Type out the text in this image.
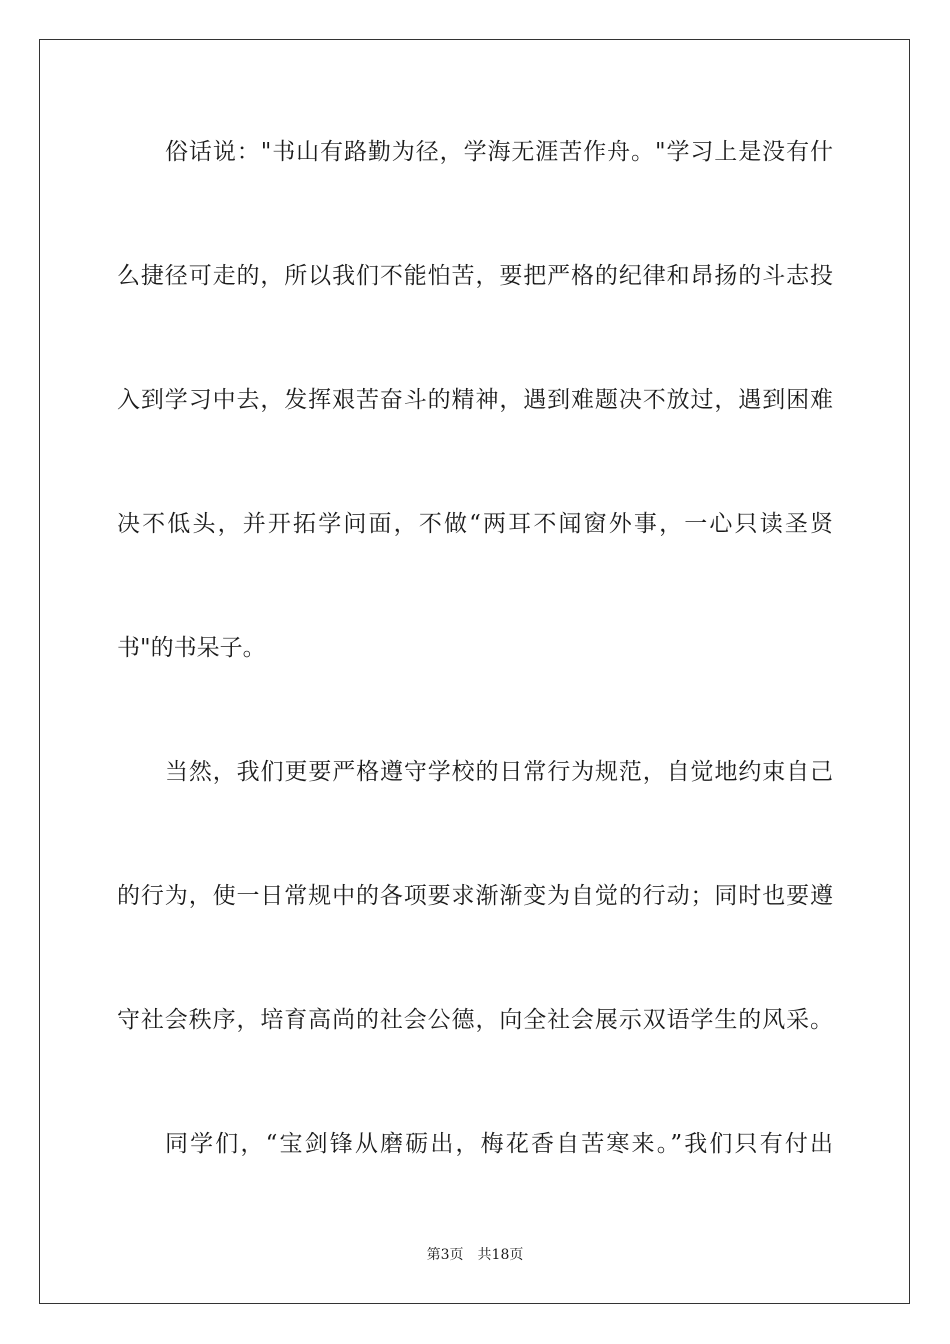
俗话说："书山有路勤为径，学海无涯苦作舟。"学习上是没有什
么捷径可走的，所以我们不能怕苦，要把严格的纪律和昂扬的斗志投
入到学习中去，发挥艰苦奋斗的精神，遇到难题决不放过，遇到困难
决不低头，并开拓学问面，不做“两耳不闻窗外事，一心只读圣贤
书"的书呆子。
当然，我们更要严格遵守学校的日常行为规范，自觉地约束自己
的行为，使一日常规中的各项要求渐渐变为自觉的行动；同时也要遵
守社会秩序，培育高尚的社会公德，向全社会展示双语学生的风采。
同学们，“宝剑锋从磨砺出，梅花香自苦寒来。”我们只有付出
第3页 共18页
